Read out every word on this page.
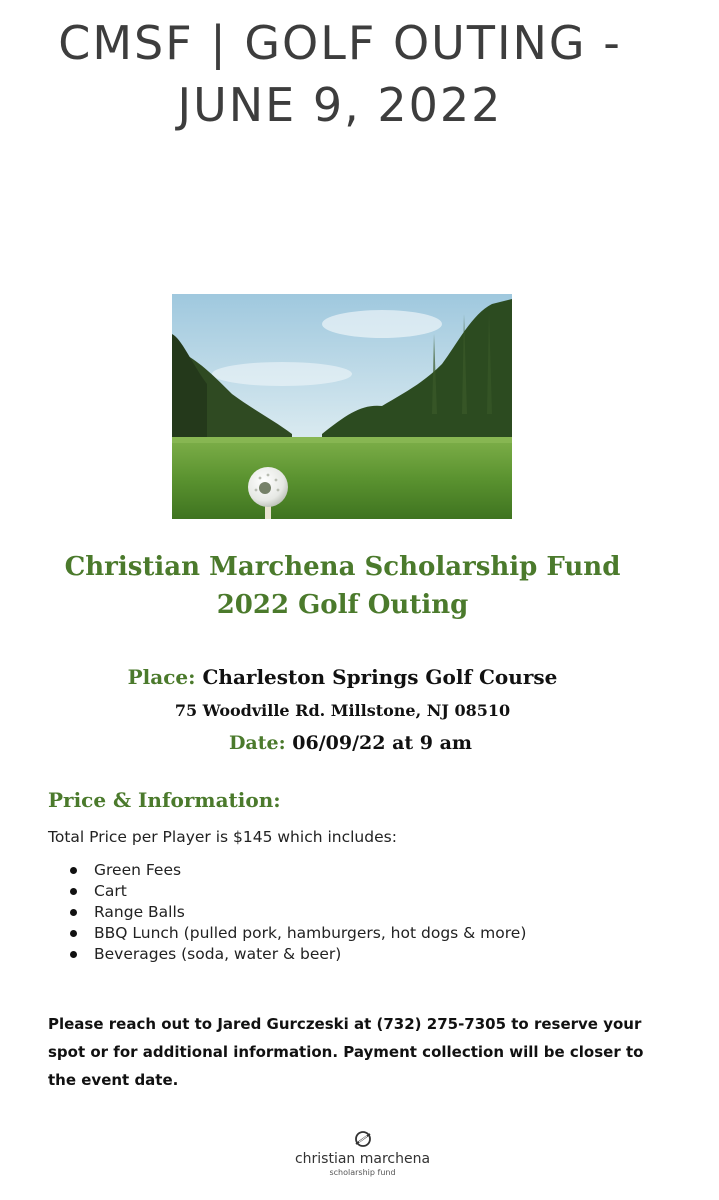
CMSF | GOLF OUTING -
JUNE 9, 2022
Christian Marchena Scholarship Fund
2022 Golf Outing
Place: Charleston Springs Golf Course
75 Woodville Rd. Millstone, NJ 08510
Date: 06/09/22 at 9 am
Price & Information:
Total Price per Player is $145 which includes:
Green Fees
Cart
Range Balls
BBQ Lunch (pulled pork, hamburgers, hot dogs & more)
Beverages (soda, water & beer)
Please reach out to Jared Gurczeski at (732) 275-7305 to reserve your spot or for additional information. Payment collection will be closer to the event date.
christian marchena
scholarship fund
